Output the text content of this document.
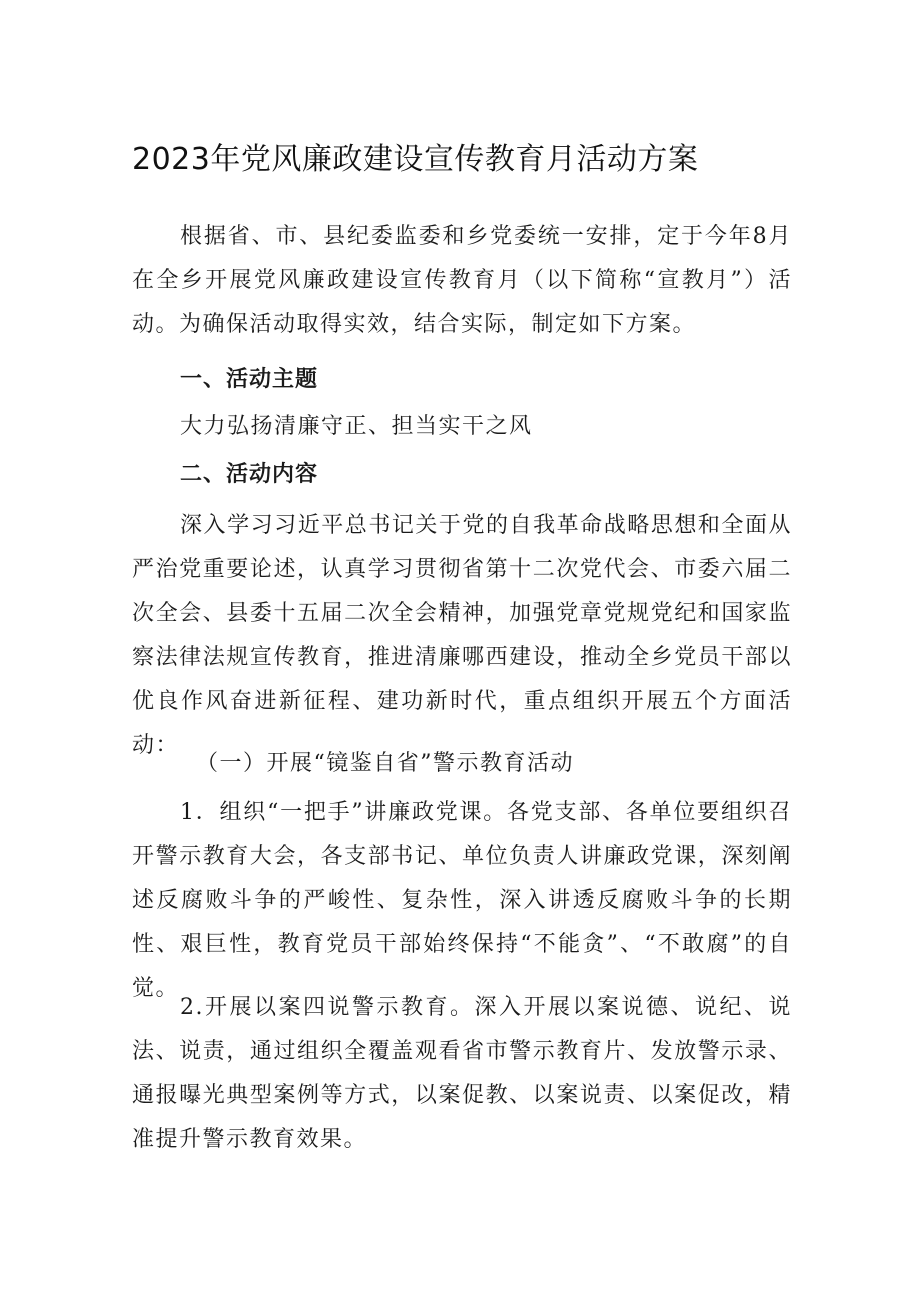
2023年党风廉政建设宣传教育月活动方案

根据省、市、县纪委监委和乡党委统一安排，定于今年8月在全乡开展党风廉政建设宣传教育月（以下简称“宣教月”）活动。为确保活动取得实效，结合实际，制定如下方案。

一、活动主题
大力弘扬清廉守正、担当实干之风
二、活动内容

深入学习习近平总书记关于党的自我革命战略思想和全面从严治党重要论述，认真学习贯彻省第十二次党代会、市委六届二次全会、县委十五届二次全会精神，加强党章党规党纪和国家监察法律法规宣传教育，推进清廉哪西建设，推动全乡党员干部以优良作风奋进新征程、建功新时代，重点组织开展五个方面活动：

（一）开展“镜鉴自省”警示教育活动

1．组织“一把手”讲廉政党课。各党支部、各单位要组织召开警示教育大会，各支部书记、单位负责人讲廉政党课，深刻阐述反腐败斗争的严峻性、复杂性，深入讲透反腐败斗争的长期性、艰巨性，教育党员干部始终保持“不能贪”、“不敢腐”的自觉。

2.开展以案四说警示教育。深入开展以案说德、说纪、说法、说责，通过组织全覆盖观看省市警示教育片、发放警示录、通报曝光典型案例等方式，以案促教、以案说责、以案促改，精准提升警示教育效果。
